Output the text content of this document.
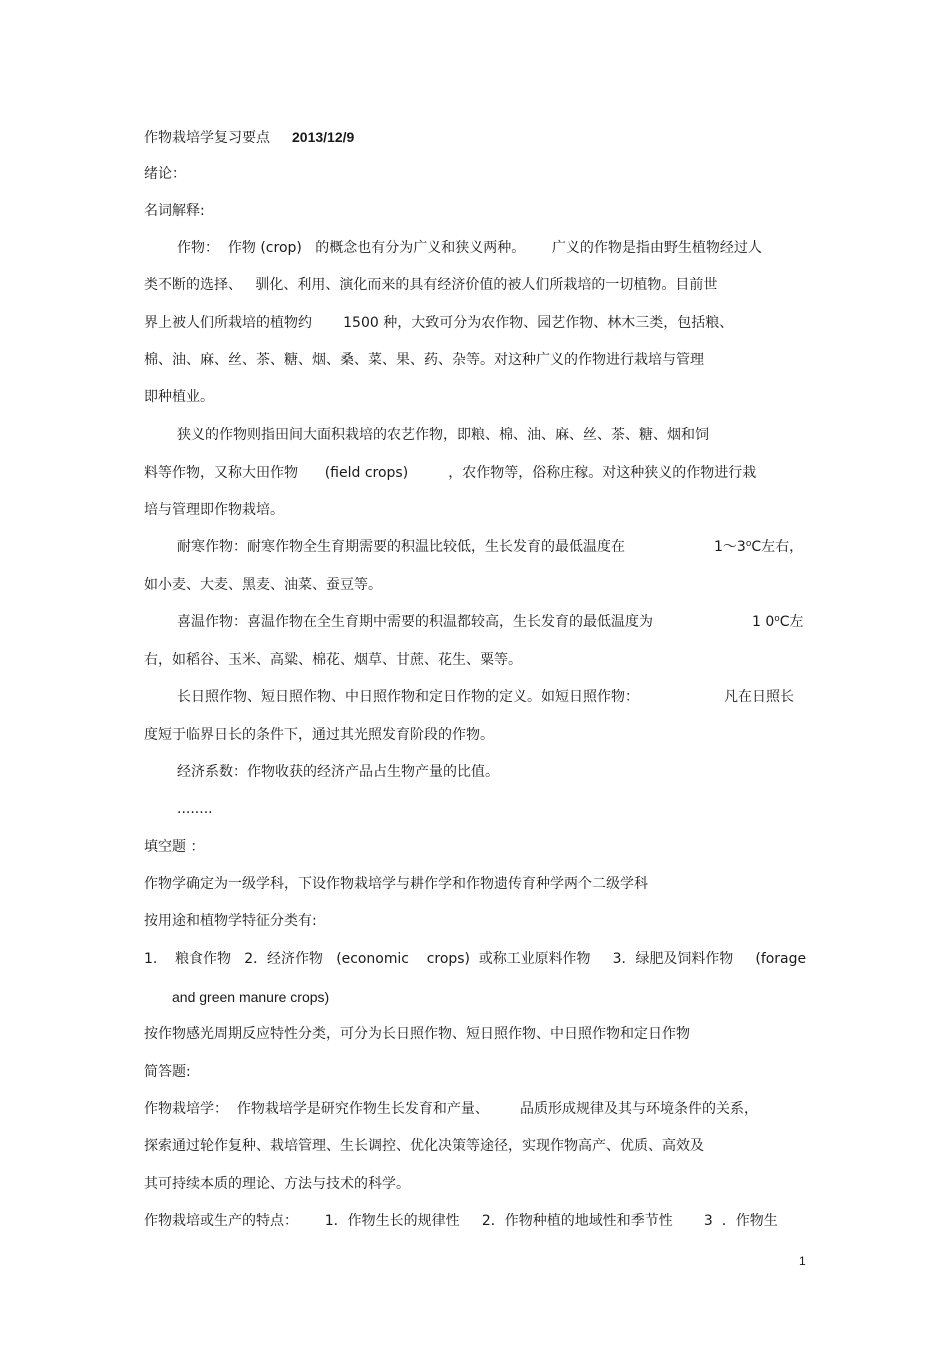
作物栽培学复习要点 2013/12/9
绪论：
名词解释:
作物：  作物 (crop)   的概念也有分为广义和狭义两种。      广义的作物是指由野生植物经过人
类不断的选择、   驯化、利用、演化而来的具有经济价值的被人们所栽培的一切植物。目前世
界上被人们所栽培的植物约       1500 种，大致可分为农作物、园艺作物、林木三类，包括粮、
棉、油、麻、丝、茶、糖、烟、桑、菜、果、药、杂等。对这种广义的作物进行栽培与管理
即种植业。
狭义的作物则指田间大面积栽培的农艺作物，即粮、棉、油、麻、丝、茶、糖、烟和饲
料等作物，又称大田作物      (field crops)         ，农作物等，俗称庄稼。对这种狭义的作物进行栽
培与管理即作物栽培。
耐寒作物：耐寒作物全生育期需要的积温比较低，生长发育的最低温度在	1～3$^o$C左右，
如小麦、大麦、黑麦、油菜、蚕豆等。
喜温作物：喜温作物在全生育期中需要的积温都较高，生长发育的最低温度为	1 0$^o$C左
右，如稻谷、玉米、高粱、棉花、烟草、甘蔗、花生、粟等。
长日照作物、短日照作物、中日照作物和定日作物的定义。如短日照作物：	凡在日照长
度短于临界日长的条件下，通过其光照发育阶段的作物。
经济系数：作物收获的经济产品占生物产量的比值。
........
填空题 ：
作物学确定为一级学科，下设作物栽培学与耕作学和作物遗传育种学两个二级学科
按用途和植物学特征分类有:
1.    粮食作物   2．经济作物   (economic    crops)  或称工业原料作物     3．绿肥及饲料作物     (forage
and green manure crops)
按作物感光周期反应特性分类，可分为长日照作物、短日照作物、中日照作物和定日作物
简答题:
作物栽培学：  作物栽培学是研究作物生长发育和产量、       品质形成规律及其与环境条件的关系，
探索通过轮作复种、栽培管理、生长调控、优化决策等途径，实现作物高产、优质、高效及
其可持续本质的理论、方法与技术的科学。
作物栽培或生产的特点：      1．作物生长的规律性     2．作物种植的地域性和季节性       3  ．作物生
1
